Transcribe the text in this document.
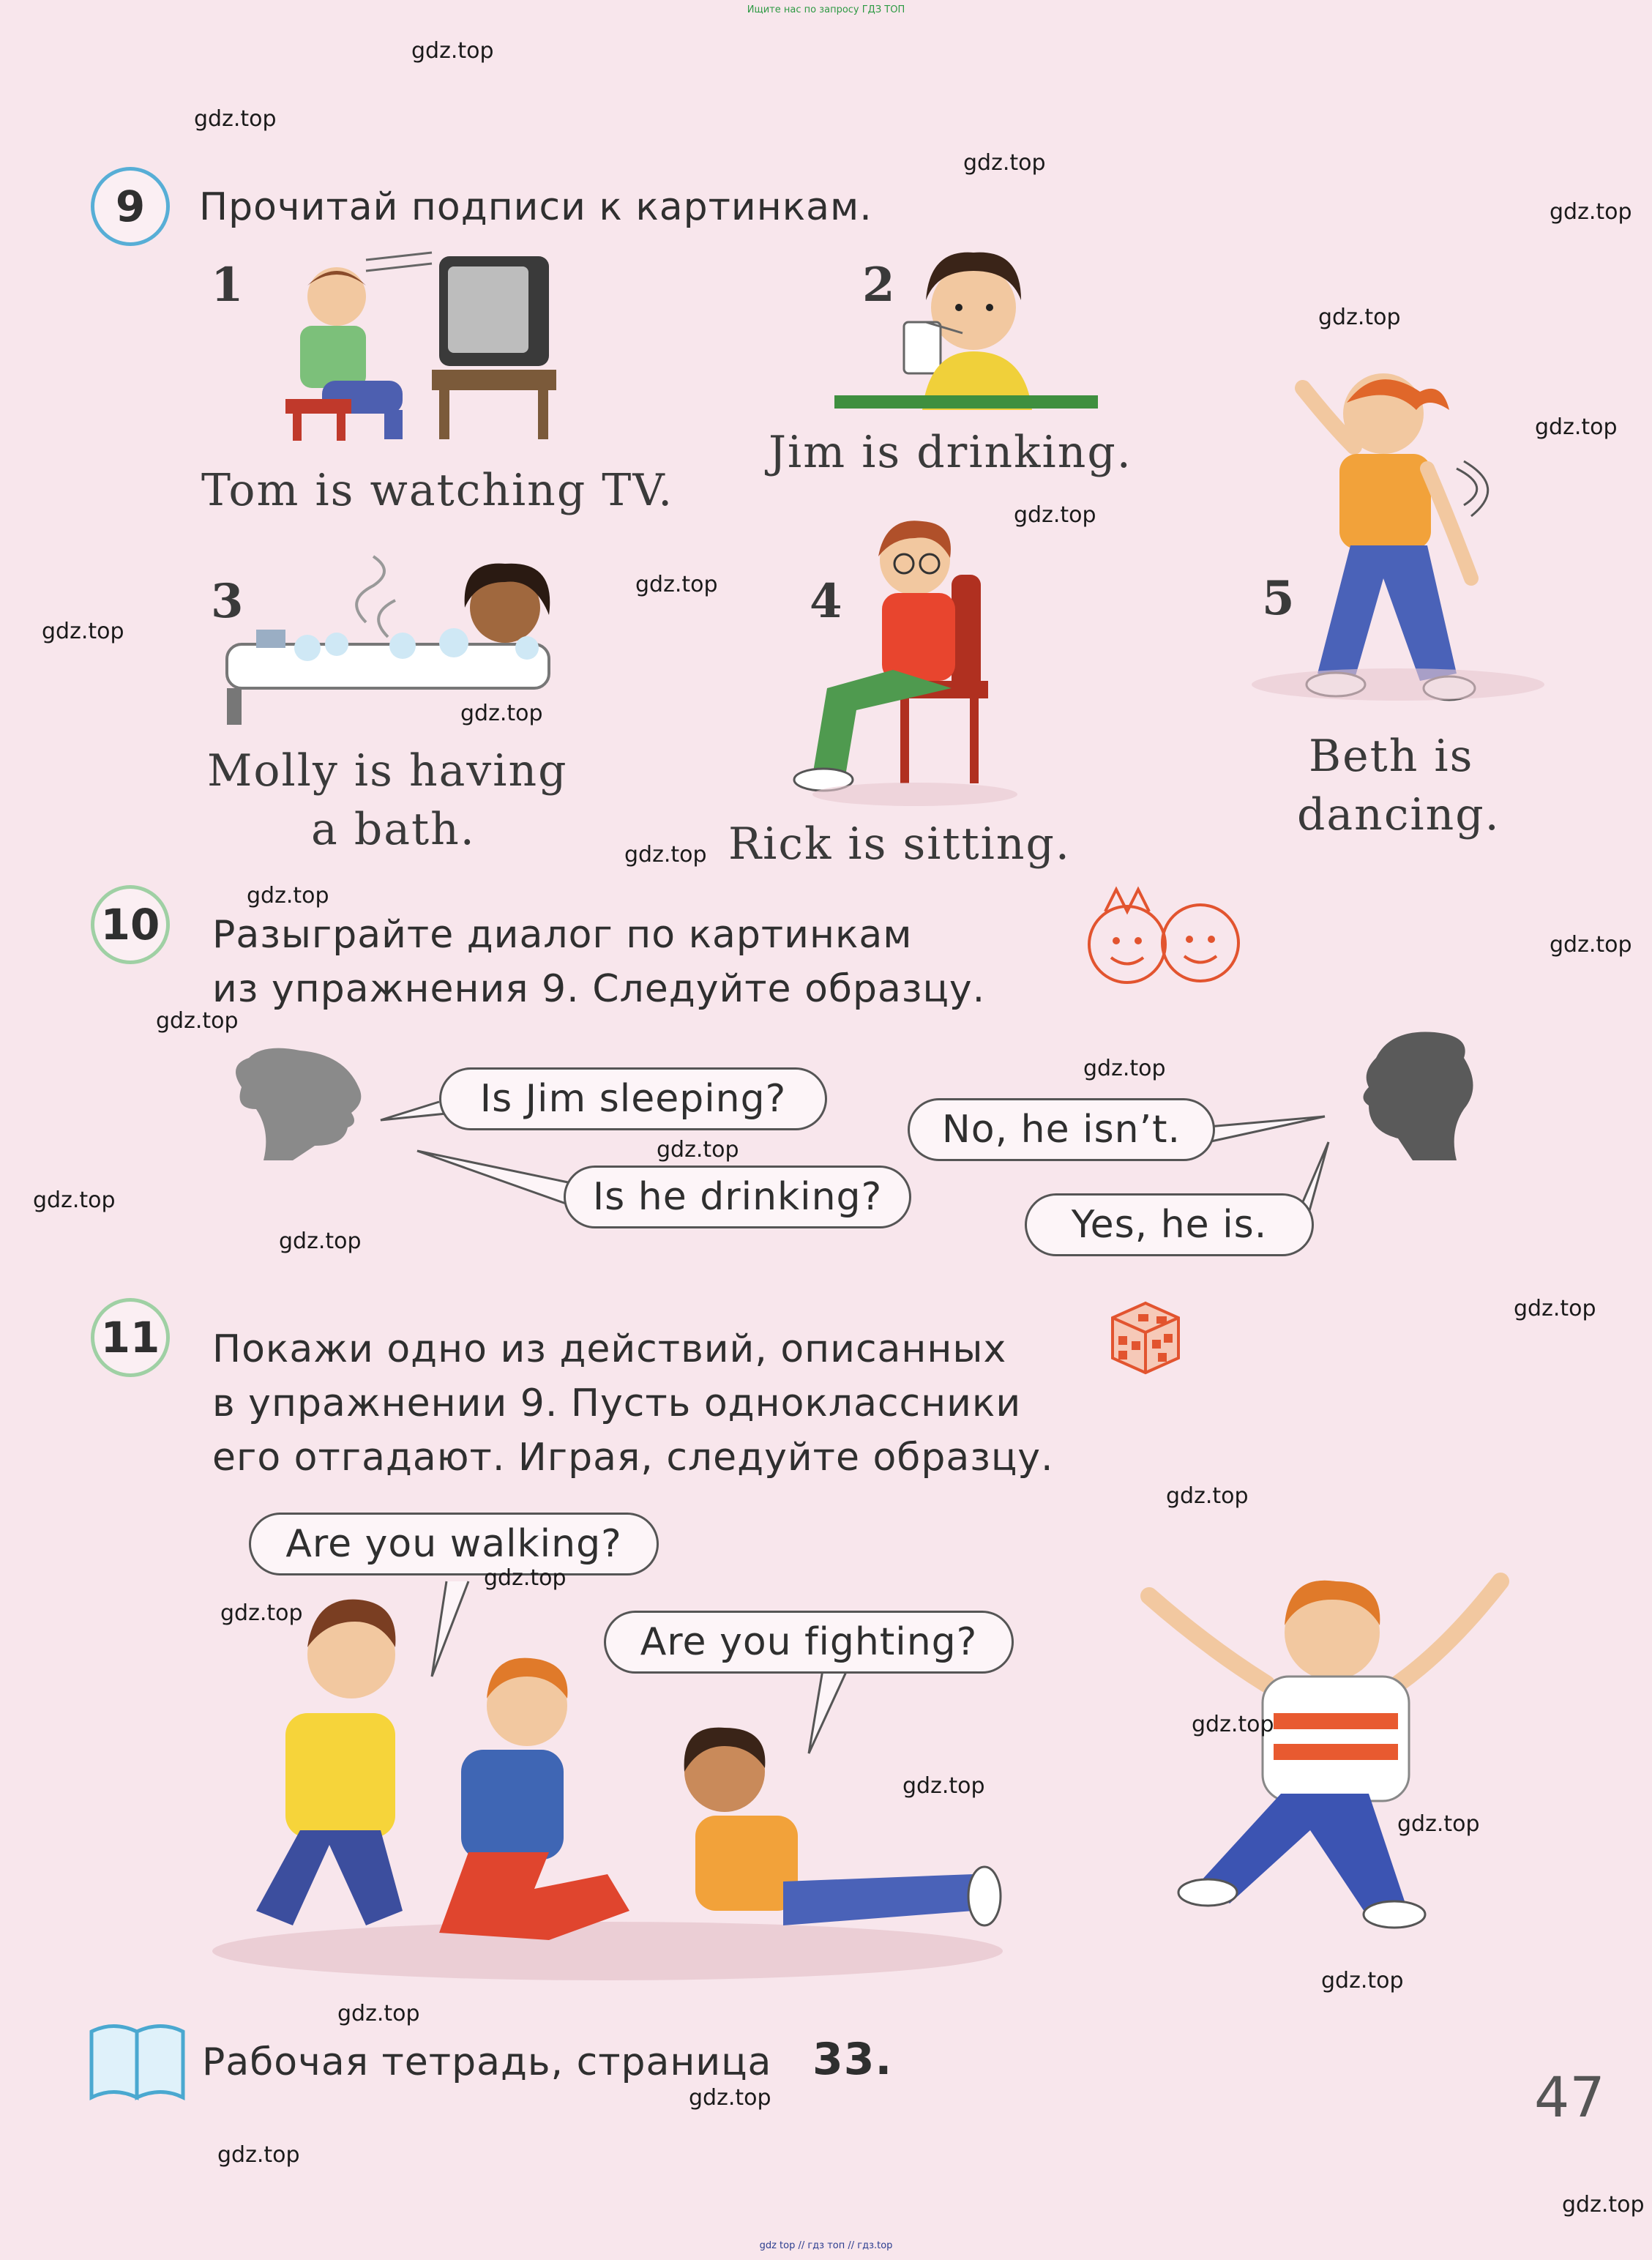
Ищите нас по запросу ГДЗ ТОП
9	Прочитай подписи к картинкам.
1
Tom is watching TV.
2
Jim is drinking.
5
Beth is
dancing.
3
Molly is having
a bath.
4
Rick is sitting.
10 Разыграйте диалог по картинкам
из упражнения 9. Следуйте образцу.
Is Jim sleeping?
No, he isn’t.
Is he drinking?
Yes, he is.
11 Покажи одно из действий, описанных
в упражнении 9. Пусть одноклассники
его отгадают. Играя, следуйте образцу.
Are you walking?
Are you fighting?
Рабочая тетрадь, страница 33.
47
gdz.top
gdz.top
gdz.top
gdz.top
gdz.top
gdz.top
gdz.top
gdz.top
gdz.top
gdz.top
gdz.top
gdz.top
gdz.top
gdz.top
gdz.top
gdz.top
gdz.top
gdz.top
gdz.top
gdz.top
gdz.top
gdz.top
gdz.top
gdz.top
gdz.top
gdz.top
gdz.top
gdz.top
gdz.top
gdz.top
gdz top // гдз топ // гдз.top
